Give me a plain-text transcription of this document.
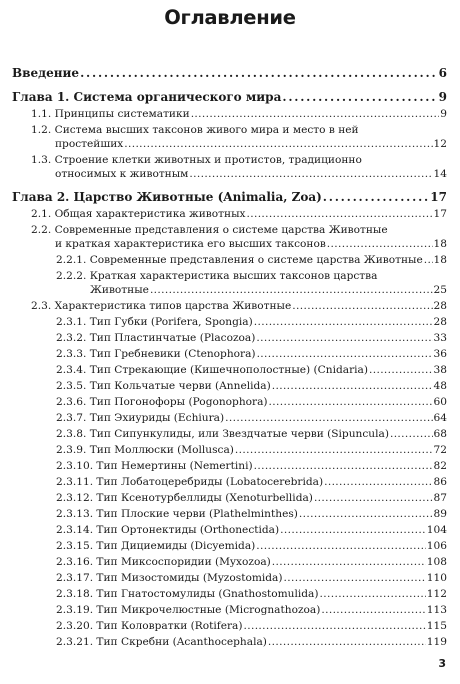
Оглавление
Введение . . .	6
Глава 1. Система органического мира . . .	9
1.1. Принципы систематики . . .	9
1.2. Система высших таксонов живого мира и место в ней
простейших . . .	12
1.3. Строение клетки животных и протистов, традиционно
относимых к животным . . .	14
Глава 2. Царство Животные (Animalia, Zoa) . . .	17
2.1. Общая характеристика животных . . .	17
2.2. Современные представления о системе царства Животные
и краткая характеристика его высших таксонов . . .	18
2.2.1. Современные представления о системе царства Животные . . . 18
2.2.2. Краткая характеристика высших таксонов царства
Животные . . .	25
2.3. Характеристика типов царства Животные . . .	28
2.3.1. Тип Губки (Porifera, Spongia) . . .	28
2.3.2. Тип Пластинчатые (Placozoa) . . .	33
2.3.3. Тип Гребневики (Ctenophora) . . .	36
2.3.4. Тип Стрекающие (Кишечнополостные) (Cnidaria) . . .	38
2.3.5. Тип Кольчатые черви (Annelida) . . .	48
2.3.6. Тип Погонофоры (Pogonophora) . . .	60
2.3.7. Тип Эхиуриды (Echiura) . . .	64
2.3.8. Тип Сипункулиды, или Звездчатые черви (Sipuncula) . . .	68
2.3.9. Тип Моллюски (Mollusca) . . .	72
2.3.10. Тип Немертины (Nemertini) . . .	82
2.3.11. Тип Лобатоцеребриды (Lobatocerebrida) . . .	86
2.3.12. Тип Ксенотурбеллиды (Xenoturbellida) . . .	87
2.3.13. Тип Плоские черви (Plathelminthes) . . .	89
2.3.14. Тип Ортонектиды (Orthonectida) . . .	104
2.3.15. Тип Дициемиды (Dicyemida) . . .	106
2.3.16. Тип Миксоспоридии (Myxozoa) . . .	108
2.3.17. Тип Мизостомиды (Myzostomida) . . .	110
2.3.18. Тип Гнатостомулиды (Gnathostomulida) . . .	112
2.3.19. Тип Микрочелюстные (Micrognathozoa) . . .	113
2.3.20. Тип Коловратки (Rotifera) . . .	115
2.3.21. Тип Скребни (Acanthocephala) . . .	119
3
